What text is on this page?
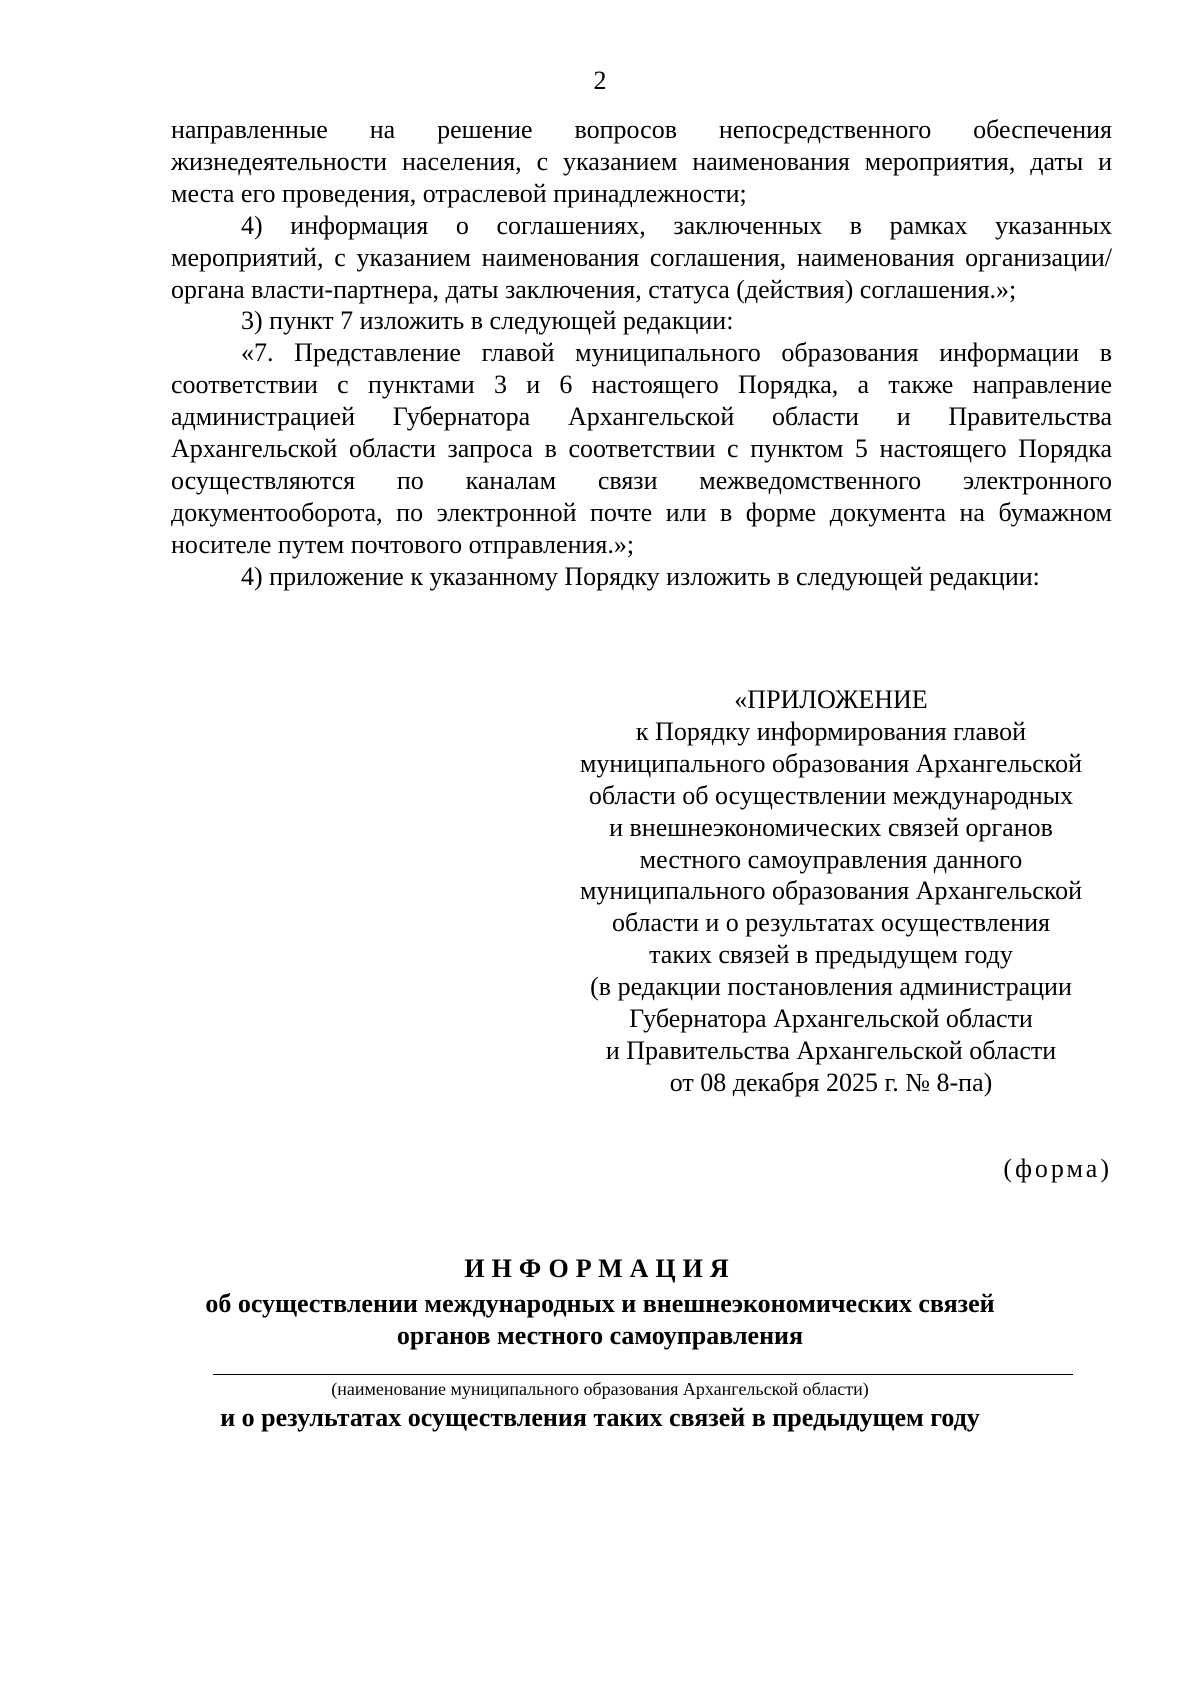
2

направленные на решение вопросов непосредственного обеспечения жизнедеятельности населения, с указанием наименования мероприятия, даты и места его проведения, отраслевой принадлежности;

4) информация о соглашениях, заключенных в рамках указанных мероприятий, с указанием наименования соглашения, наименования организации/органа власти-партнера, даты заключения, статуса (действия) соглашения.»;

3) пункт 7 изложить в следующей редакции:

«7. Представление главой муниципального образования информации в соответствии с пунктами 3 и 6 настоящего Порядка, а также направление администрацией Губернатора Архангельской области и Правительства Архангельской области запроса в соответствии с пунктом 5 настоящего Порядка осуществляются по каналам связи межведомственного электронного документооборота, по электронной почте или в форме документа на бумажном носителе путем почтового отправления.»;

4) приложение к указанному Порядку изложить в следующей редакции:

«ПРИЛОЖЕНИЕ
к Порядку информирования главой
муниципального образования Архангельской
области об осуществлении международных
и внешнеэкономических связей органов
местного самоуправления данного
муниципального образования Архангельской
области и о результатах осуществления
таких связей в предыдущем году
(в редакции постановления администрации
Губернатора Архангельской области
и Правительства Архангельской области
от 08 декабря 2025 г. № 8-па)
(форма)
ИНФОРМАЦИЯ
об осуществлении международных и внешнеэкономических связей
органов местного самоуправления
(наименование муниципального образования Архангельской области)
и о результатах осуществления таких связей в предыдущем году
